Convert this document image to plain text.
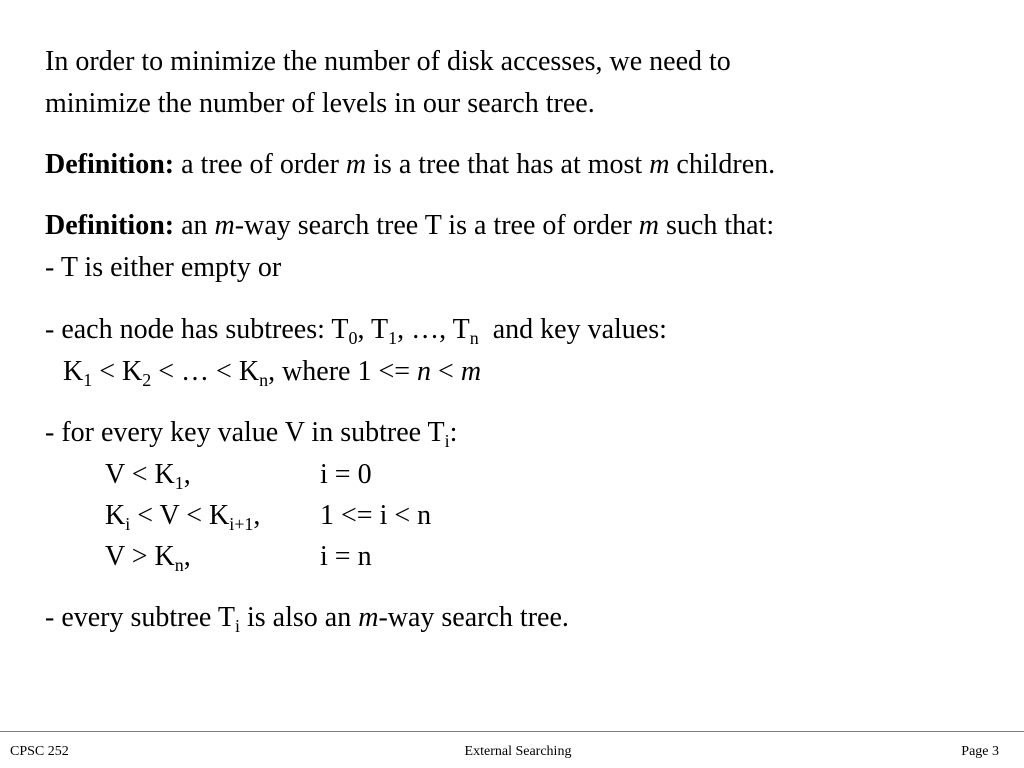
In order to minimize the number of disk accesses, we need to
minimize the number of levels in our search tree.
Definition: a tree of order m is a tree that has at most m children.
Definition: an m-way search tree T is a tree of order m such that:
- T is either empty or
- each node has subtrees: $T_0$, $T_1$, …, $T_n$  and key values:
$K_1 < K_2$ < … < $K_n$, where 1 <= n < m
- for every key value V in subtree $T_i$:
$V < K_1$,	i = 0
$K_i < V < K_{i+1}$, 1 <= i < n
$V > K_n$,	i = n
- every subtree $T_i$ is also an m-way search tree.
CPSC 252	External Searching	Page 3
